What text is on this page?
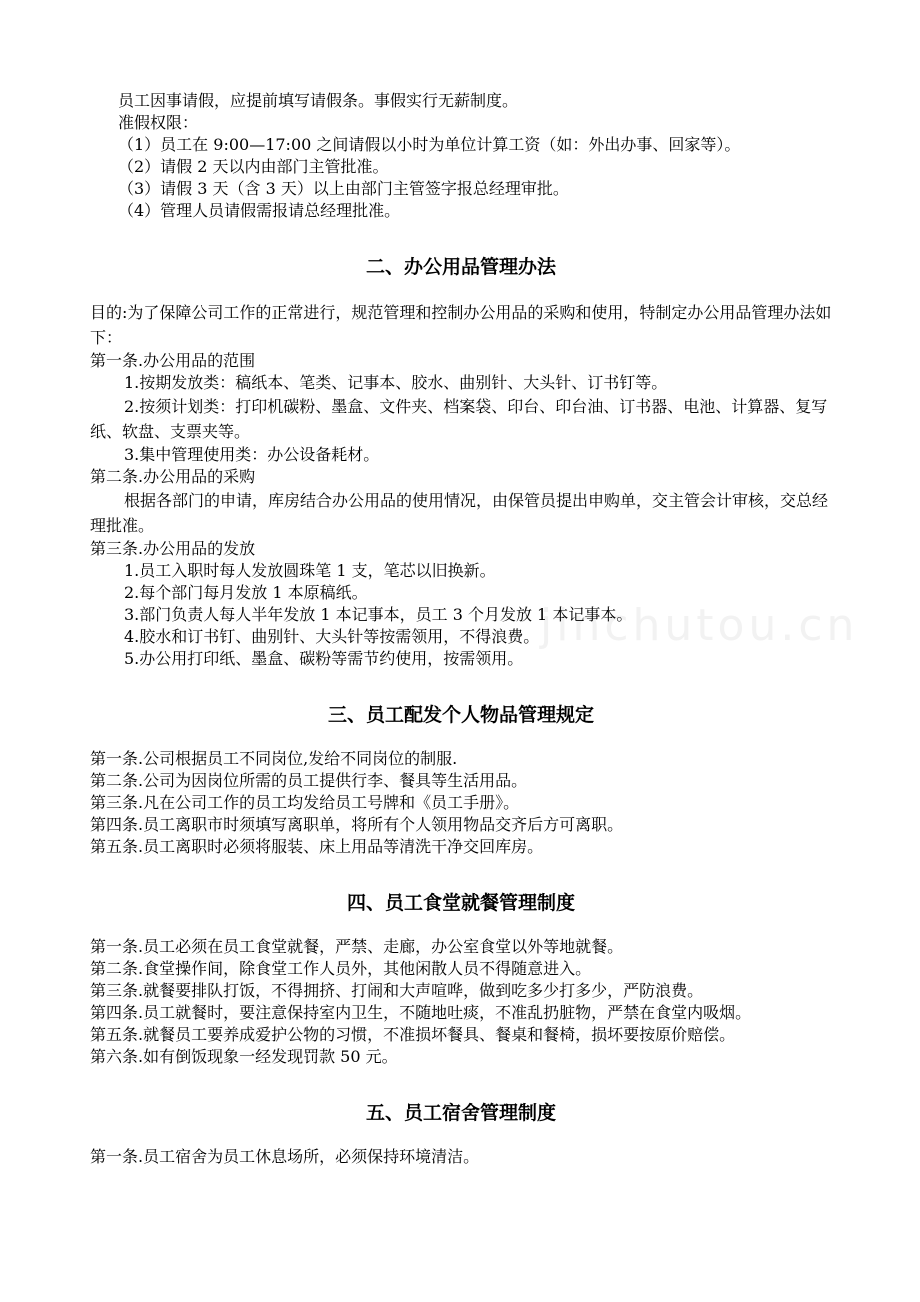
jinchutou.cn

员工因事请假，应提前填写请假条。事假实行无薪制度。

准假权限：

（1）员工在 9:00—17:00 之间请假以小时为单位计算工资（如：外出办事、回家等）。

（2）请假 2 天以内由部门主管批准。

（3）请假 3 天（含 3 天）以上由部门主管签字报总经理审批。

（4）管理人员请假需报请总经理批准。

二、办公用品管理办法

目的:为了保障公司工作的正常进行，规范管理和控制办公用品的采购和使用，特制定办公用品管理办法如下：

第一条.办公用品的范围

1.按期发放类：稿纸本、笔类、记事本、胶水、曲别针、大头针、订书钉等。

2.按须计划类：打印机碳粉、墨盒、文件夹、档案袋、印台、印台油、订书器、电池、计算器、复写纸、软盘、支票夹等。

3.集中管理使用类：办公设备耗材。

第二条.办公用品的采购

根据各部门的申请，库房结合办公用品的使用情况，由保管员提出申购单，交主管会计审核，交总经理批准。

第三条.办公用品的发放

1.员工入职时每人发放圆珠笔 1 支，笔芯以旧换新。

2.每个部门每月发放 1 本原稿纸。

3.部门负责人每人半年发放 1 本记事本，员工 3 个月发放 1 本记事本。

4.胶水和订书钉、曲别针、大头针等按需领用，不得浪费。

5.办公用打印纸、墨盒、碳粉等需节约使用，按需领用。

三、员工配发个人物品管理规定

第一条.公司根据员工不同岗位,发给不同岗位的制服.

第二条.公司为因岗位所需的员工提供行李、餐具等生活用品。

第三条.凡在公司工作的员工均发给员工号牌和《员工手册》。

第四条.员工离职市时须填写离职单，将所有个人领用物品交齐后方可离职。

第五条.员工离职时必须将服装、床上用品等清洗干净交回库房。

四、员工食堂就餐管理制度

第一条.员工必须在员工食堂就餐，严禁、走廊，办公室食堂以外等地就餐。

第二条.食堂操作间，除食堂工作人员外，其他闲散人员不得随意进入。

第三条.就餐要排队打饭，不得拥挤、打闹和大声喧哗，做到吃多少打多少，严防浪费。

第四条.员工就餐时，要注意保持室内卫生，不随地吐痰，不准乱扔脏物，严禁在食堂内吸烟。

第五条.就餐员工要养成爱护公物的习惯，不准损坏餐具、餐桌和餐椅，损坏要按原价赔偿。

第六条.如有倒饭现象一经发现罚款 50 元。

五、员工宿舍管理制度

第一条.员工宿舍为员工休息场所，必须保持环境清洁。
